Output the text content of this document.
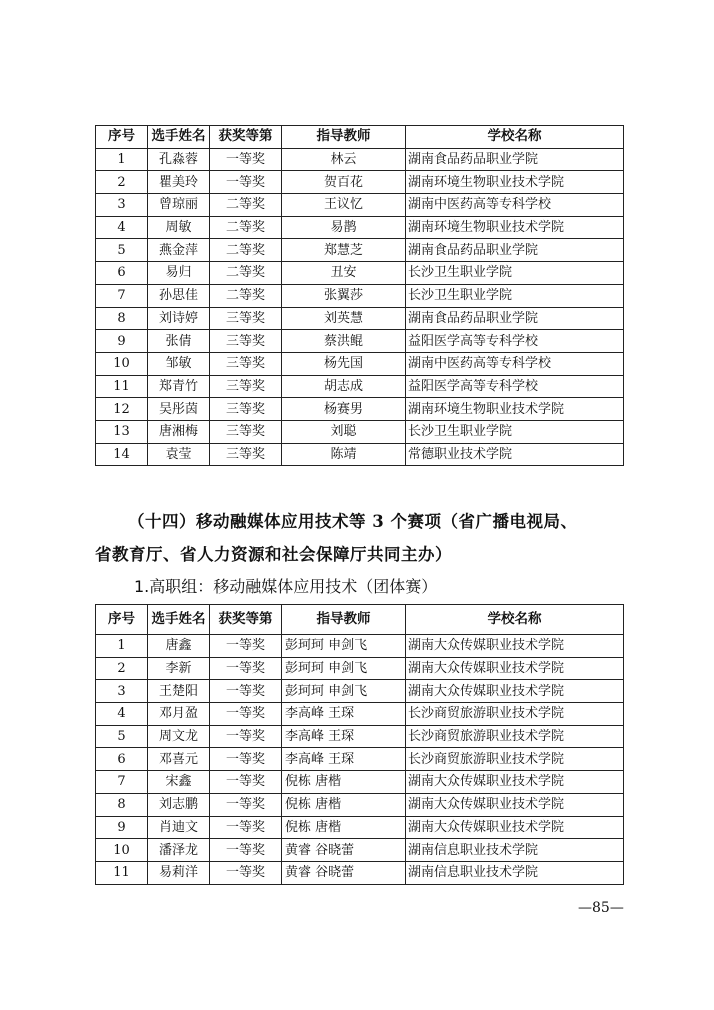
序号	选手姓名	获奖等第	指导教师	学校名称
1	孔淼蓉	一等奖	林云	湖南食品药品职业学院
2	瞿美玲	一等奖	贺百花	湖南环境生物职业技术学院
3	曾琼丽	二等奖	王议忆	湖南中医药高等专科学校
4	周敏	二等奖	易鹊	湖南环境生物职业技术学院
5	燕金萍	二等奖	郑慧芝	湖南食品药品职业学院
6	易归	二等奖	丑安	长沙卫生职业学院
7	孙思佳	二等奖	张翼莎	长沙卫生职业学院
8	刘诗婷	三等奖	刘英慧	湖南食品药品职业学院
9	张倩	三等奖	蔡洪鲲	益阳医学高等专科学校
10	邹敏	三等奖	杨先国	湖南中医药高等专科学校
11	郑青竹	三等奖	胡志成	益阳医学高等专科学校
12	吴彤茵	三等奖	杨赛男	湖南环境生物职业技术学院
13	唐湘梅	三等奖	刘聪	长沙卫生职业学院
14	袁莹	三等奖	陈靖	常德职业技术学院
（十四）移动融媒体应用技术等 3 个赛项（省广播电视局、
省教育厅、省人力资源和社会保障厅共同主办）
1.高职组：移动融媒体应用技术（团体赛）
序号	选手姓名	获奖等第	指导教师	学校名称
1	唐鑫	一等奖	彭珂珂 申剑飞	湖南大众传媒职业技术学院
2	李新	一等奖	彭珂珂 申剑飞	湖南大众传媒职业技术学院
3	王楚阳	一等奖	彭珂珂 申剑飞	湖南大众传媒职业技术学院
4	邓月盈	一等奖	李高峰 王琛	长沙商贸旅游职业技术学院
5	周文龙	一等奖	李高峰 王琛	长沙商贸旅游职业技术学院
6	邓喜元	一等奖	李高峰 王琛	长沙商贸旅游职业技术学院
7	宋鑫	一等奖	倪栋 唐楷	湖南大众传媒职业技术学院
8	刘志鹏	一等奖	倪栋 唐楷	湖南大众传媒职业技术学院
9	肖迪文	一等奖	倪栋 唐楷	湖南大众传媒职业技术学院
10	潘泽龙	一等奖	黄睿 谷晓蕾	湖南信息职业技术学院
11	易莉洋	一等奖	黄睿 谷晓蕾	湖南信息职业技术学院
—85—
